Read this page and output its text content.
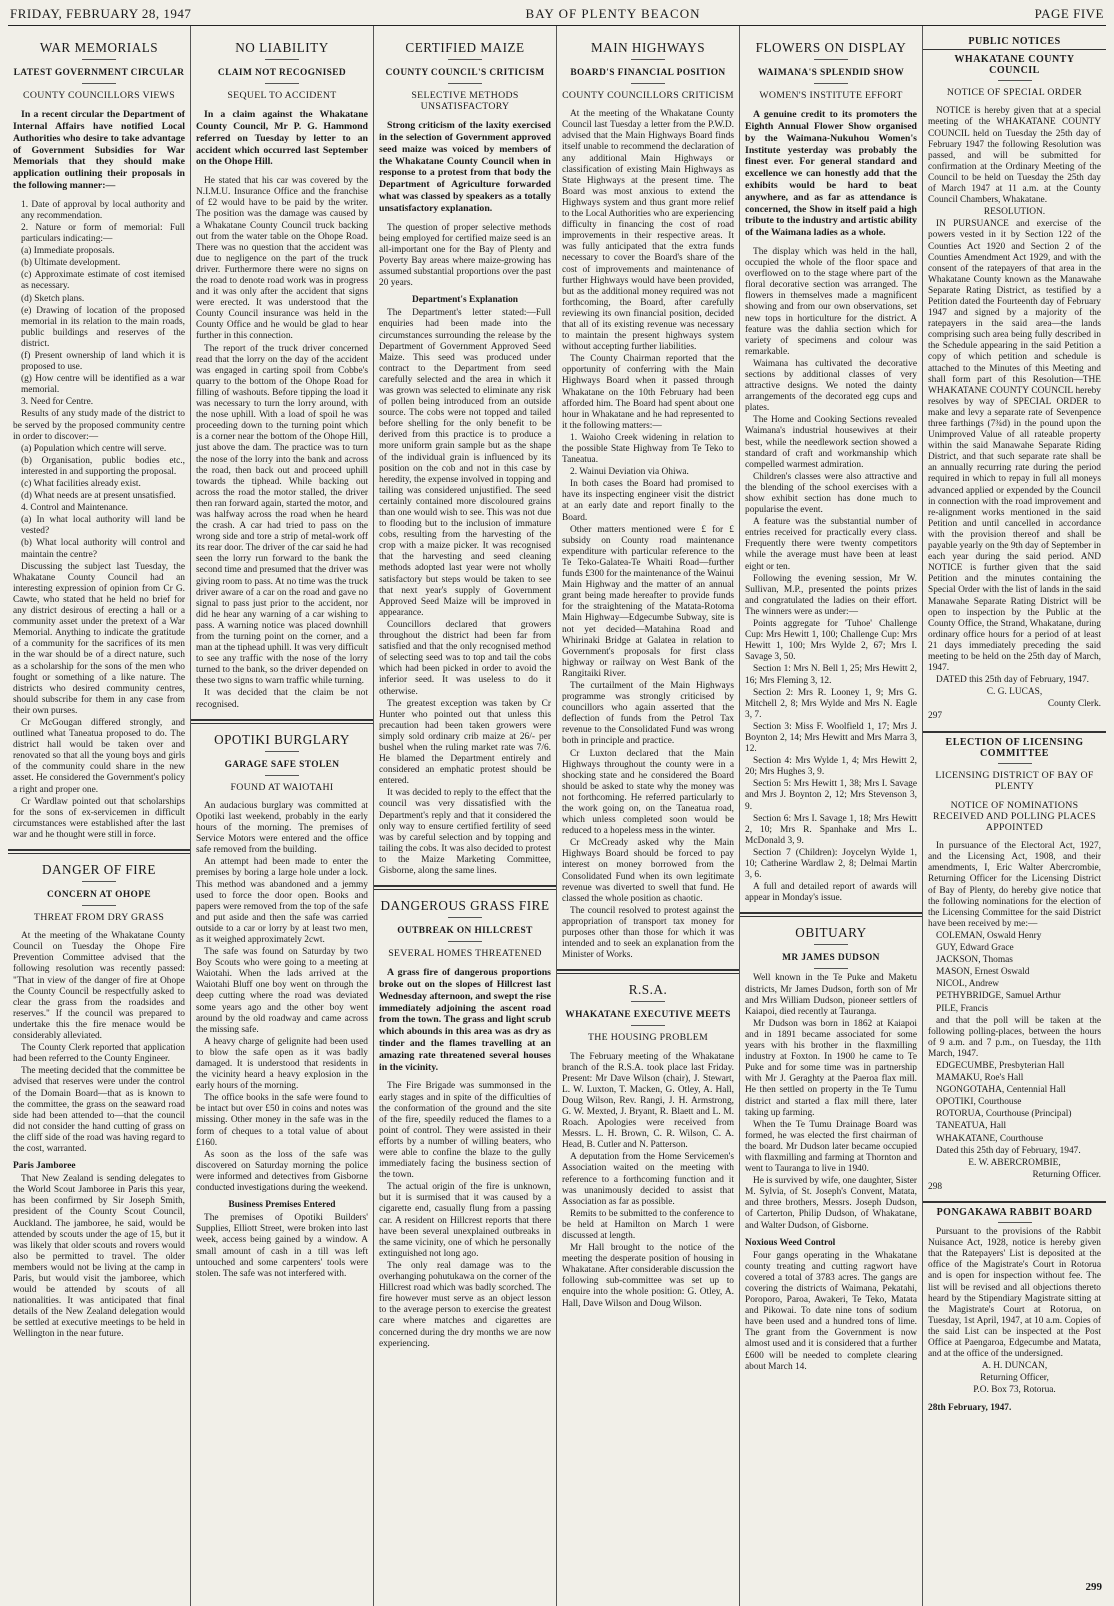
FRIDAY, FEBRUARY 28, 1947	BAY OF PLENTY BEACON	PAGE FIVE
WAR MEMORIALS
LATEST GOVERNMENT CIRCULAR
COUNTY COUNCILLORS VIEWS

In a recent circular the Department of Internal Affairs have notified Local Authorities who desire to take advantage of Government Subsidies for War Memorials that they should make application outlining their proposals in the following manner:—

1. Date of approval by local authority and any recommendation.

2. Nature or form of memorial: Full particulars indicating:—

(a) Immediate proposals.

(b) Ultimate development.

(c) Approximate estimate of cost itemised as necessary.

(d) Sketch plans.

(e) Drawing of location of the proposed memorial in its relation to the main roads, public buildings and reserves of the district.

(f) Present ownership of land which it is proposed to use.

(g) How centre will be identified as a war memorial.

3. Need for Centre.

Results of any study made of the district to be served by the proposed community centre in order to discover:—

(a) Population which centre will serve.

(b) Organisation, public bodies etc., interested in and supporting the proposal.

(c) What facilities already exist.

(d) What needs are at present unsatisfied.

4. Control and Maintenance.

(a) In what local authority will land be vested?

(b) What local authority will control and maintain the centre?

Discussing the subject last Tuesday, the Whakatane County Council had an interesting expression of opinion from Cr G. Cawte, who stated that he held no brief for any district desirous of erecting a hall or a community asset under the pretext of a War Memorial. Anything to indicate the gratitude of a community for the sacrifices of its men in the war should be of a direct nature, such as a scholarship for the sons of the men who fought or something of a like nature. The districts who desired community centres, should subscribe for them in any case from their own purses.

Cr McGougan differed strongly, and outlined what Taneatua proposed to do. The district hall would be taken over and renovated so that all the young boys and girls of the community could share in the new asset. He considered the Government's policy a right and proper one.

Cr Wardlaw pointed out that scholarships for the sons of ex-servicemen in difficult circumstances were established after the last war and he thought were still in force.

DANGER OF FIRE
CONCERN AT OHOPE
THREAT FROM DRY GRASS

At the meeting of the Whakatane County Council on Tuesday the Ohope Fire Prevention Committee advised that the following resolution was recently passed: "That in view of the danger of fire at Ohope the County Council be respectfully asked to clear the grass from the roadsides and reserves." If the council was prepared to undertake this the fire menace would be considerably alleviated.

The County Clerk reported that application had been referred to the County Engineer.

The meeting decided that the committee be advised that reserves were under the control of the Domain Board—that as is known to the committee, the grass on the seaward road side had been attended to—that the council did not consider the hand cutting of grass on the cliff side of the road was having regard to the cost, warranted.

Paris Jamboree

That New Zealand is sending delegates to the World Scout Jamboree in Paris this year, has been confirmed by Sir Joseph Smith, president of the County Scout Council, Auckland. The jamboree, he said, would be attended by scouts under the age of 15, but it was likely that older scouts and rovers would also be permitted to travel. The older members would not be living at the camp in Paris, but would visit the jamboree, which would be attended by scouts of all nationalities. It was anticipated that final details of the New Zealand delegation would be settled at executive meetings to be held in Wellington in the near future.

NO LIABILITY
CLAIM NOT RECOGNISED
SEQUEL TO ACCIDENT

In a claim against the Whakatane County Council, Mr P. G. Hammond referred on Tuesday by letter to an accident which occurred last September on the Ohope Hill.

He stated that his car was covered by the N.I.M.U. Insurance Office and the franchise of £2 would have to be paid by the writer. The position was the damage was caused by a Whakatane County Council truck backing out from the water table on the Ohope Road. There was no question that the accident was due to negligence on the part of the truck driver. Furthermore there were no signs on the road to denote road work was in progress and it was only after the accident that signs were erected. It was understood that the County Council insurance was held in the County Office and he would be glad to hear further in this connection.

The report of the truck driver concerned read that the lorry on the day of the accident was engaged in carting spoil from Cobbe's quarry to the bottom of the Ohope Road for filling of washouts. Before tipping the load it was necessary to turn the lorry around, with the nose uphill. With a load of spoil he was proceeding down to the turning point which is a corner near the bottom of the Ohope Hill, just above the dam. The practice was to turn the nose of the lorry into the bank and across the road, then back out and proceed uphill towards the tiphead. While backing out across the road the motor stalled, the driver then ran forward again, started the motor, and was halfway across the road when he heard the crash. A car had tried to pass on the wrong side and tore a strip of metal-work off its rear door. The driver of the car said he had seen the lorry run forward to the bank the second time and presumed that the driver was giving room to pass. At no time was the truck driver aware of a car on the road and gave no signal to pass just prior to the accident, nor did he hear any warning of a car wishing to pass. A warning notice was placed downhill from the turning point on the corner, and a man at the tiphead uphill. It was very difficult to see any traffic with the nose of the lorry turned to the bank, so the driver depended on these two signs to warn traffic while turning.

It was decided that the claim be not recognised.

OPOTIKI BURGLARY
GARAGE SAFE STOLEN
FOUND AT WAIOTAHI

An audacious burglary was committed at Opotiki last weekend, probably in the early hours of the morning. The premises of Service Motors were entered and the office safe removed from the building.

An attempt had been made to enter the premises by boring a large hole under a lock. This method was abandoned and a jemmy used to force the door open. Books and papers were removed from the top of the safe and put aside and then the safe was carried outside to a car or lorry by at least two men, as it weighed approximately 2cwt.

The safe was found on Saturday by two Boy Scouts who were going to a meeting at Waiotahi. When the lads arrived at the Waiotahi Bluff one boy went on through the deep cutting where the road was deviated some years ago and the other boy went around by the old roadway and came across the missing safe.

A heavy charge of gelignite had been used to blow the safe open as it was badly damaged. It is understood that residents in the vicinity heard a heavy explosion in the early hours of the morning.

The office books in the safe were found to be intact but over £50 in coins and notes was missing. Other money in the safe was in the form of cheques to a total value of about £160.

As soon as the loss of the safe was discovered on Saturday morning the police were informed and detectives from Gisborne conducted investigations during the weekend.

Business Premises Entered

The premises of Opotiki Builders' Supplies, Elliott Street, were broken into last week, access being gained by a window. A small amount of cash in a till was left untouched and some carpenters' tools were stolen. The safe was not interfered with.

CERTIFIED MAIZE
COUNTY COUNCIL'S CRITICISM
SELECTIVE METHODS UNSATISFACTORY

Strong criticism of the laxity exercised in the selection of Government approved seed maize was voiced by members of the Whakatane County Council when in response to a protest from that body the Department of Agriculture forwarded what was classed by speakers as a totally unsatisfactory explanation.

The question of proper selective methods being employed for certified maize seed is an all-important one for the Bay of Plenty and Poverty Bay areas where maize-growing has assumed substantial proportions over the past 20 years.

Department's Explanation

The Department's letter stated:—Full enquiries had been made into the circumstances surrounding the release by the Department of Government Approved Seed Maize. This seed was produced under contract to the Department from seed carefully selected and the area in which it was grown was selected to eliminate any risk of pollen being introduced from an outside source. The cobs were not topped and tailed before shelling for the only benefit to be derived from this practice is to produce a more uniform grain sample but as the shape of the individual grain is influenced by its position on the cob and not in this case by heredity, the expense involved in topping and tailing was considered unjustified. The seed certainly contained more discoloured grains than one would wish to see. This was not due to flooding but to the inclusion of immature cobs, resulting from the harvesting of the crop with a maize picker. It was recognised that the harvesting and seed cleaning methods adopted last year were not wholly satisfactory but steps would be taken to see that next year's supply of Government Approved Seed Maize will be improved in appearance.

Councillors declared that growers throughout the district had been far from satisfied and that the only recognised method of selecting seed was to top and tail the cobs which had been picked in order to avoid the inferior seed. It was useless to do it otherwise.

The greatest exception was taken by Cr Hunter who pointed out that unless this precaution had been taken growers were simply sold ordinary crib maize at 26/- per bushel when the ruling market rate was 7/6. He blamed the Department entirely and considered an emphatic protest should be entered.

It was decided to reply to the effect that the council was very dissatisfied with the Department's reply and that it considered the only way to ensure certified fertility of seed was by careful selection and by topping and tailing the cobs. It was also decided to protest to the Maize Marketing Committee, Gisborne, along the same lines.

DANGEROUS GRASS FIRE
OUTBREAK ON HILLCREST
SEVERAL HOMES THREATENED

A grass fire of dangerous proportions broke out on the slopes of Hillcrest last Wednesday afternoon, and swept the rise immediately adjoining the ascent road from the town. The grass and light scrub which abounds in this area was as dry as tinder and the flames travelling at an amazing rate threatened several houses in the vicinity.

The Fire Brigade was summonsed in the early stages and in spite of the difficulties of the conformation of the ground and the site of the fire, speedily reduced the flames to a point of control. They were assisted in their efforts by a number of willing beaters, who were able to confine the blaze to the gully immediately facing the business section of the town.

The actual origin of the fire is unknown, but it is surmised that it was caused by a cigarette end, casually flung from a passing car. A resident on Hillcrest reports that there have been several unexplained outbreaks in the same vicinity, one of which he personally extinguished not long ago.

The only real damage was to the overhanging pohutukawa on the corner of the Hillcrest road which was badly scorched. The fire however must serve as an object lesson to the average person to exercise the greatest care where matches and cigarettes are concerned during the dry months we are now experiencing.

MAIN HIGHWAYS
BOARD'S FINANCIAL POSITION
COUNTY COUNCILLORS CRITICISM

At the meeting of the Whakatane County Council last Tuesday a letter from the P.W.D. advised that the Main Highways Board finds itself unable to recommend the declaration of any additional Main Highways or classification of existing Main Highways as State Highways at the present time. The Board was most anxious to extend the Highways system and thus grant more relief to the Local Authorities who are experiencing difficulty in financing the cost of road improvements in their respective areas. It was fully anticipated that the extra funds necessary to cover the Board's share of the cost of improvements and maintenance of further Highways would have been provided, but as the additional money required was not forthcoming, the Board, after carefully reviewing its own financial position, decided that all of its existing revenue was necessary to maintain the present highways system without accepting further liabilities.

The County Chairman reported that the opportunity of conferring with the Main Highways Board when it passed through Whakatane on the 10th February had been afforded him. The Board had spent about one hour in Whakatane and he had represented to it the following matters:—

1. Waioho Creek widening in relation to the possible State Highway from Te Teko to Taneatua.

2. Wainui Deviation via Ohiwa.

In both cases the Board had promised to have its inspecting engineer visit the district at an early date and report finally to the Board.

Other matters mentioned were £ for £ subsidy on County road maintenance expenditure with particular reference to the Te Teko-Galatea-Te Whaiti Road—further funds £300 for the maintenance of the Wainui Main Highway and the matter of an annual grant being made hereafter to provide funds for the straightening of the Matata-Rotoma Main Highway—Edgecumbe Subway, site is not yet decided—Matahina Road and Whirinaki Bridge at Galatea in relation to Government's proposals for first class highway or railway on West Bank of the Rangitaiki River.

The curtailment of the Main Highways programme was strongly criticised by councillors who again asserted that the deflection of funds from the Petrol Tax revenue to the Consolidated Fund was wrong both in principle and practice.

Cr Luxton declared that the Main Highways throughout the county were in a shocking state and he considered the Board should be asked to state why the money was not forthcoming. He referred particularly to the work going on, on the Taneatua road, which unless completed soon would be reduced to a hopeless mess in the winter.

Cr McCready asked why the Main Highways Board should be forced to pay interest on money borrowed from the Consolidated Fund when its own legitimate revenue was diverted to swell that fund. He classed the whole position as chaotic.

The council resolved to protest against the appropriation of transport tax money for purposes other than those for which it was intended and to seek an explanation from the Minister of Works.

R.S.A.
WHAKATANE EXECUTIVE MEETS
THE HOUSING PROBLEM

The February meeting of the Whakatane branch of the R.S.A. took place last Friday. Present: Mr Dave Wilson (chair), J. Stewart, L. W. Luxton, T. Macken, G. Otley, A. Hall, Doug Wilson, Rev. Rangi, J. H. Armstrong, G. W. Mexted, J. Bryant, R. Blaett and L. M. Roach. Apologies were received from Messrs. L. H. Brown, C. R. Wilson, C. A. Head, B. Cutler and N. Patterson.

A deputation from the Home Servicemen's Association waited on the meeting with reference to a forthcoming function and it was unanimously decided to assist that Association as far as possible.

Remits to be submitted to the conference to be held at Hamilton on March 1 were discussed at length.

Mr Hall brought to the notice of the meeting the desperate position of housing in Whakatane. After considerable discussion the following sub-committee was set up to enquire into the whole position: G. Otley, A. Hall, Dave Wilson and Doug Wilson.

FLOWERS ON DISPLAY
WAIMANA'S SPLENDID SHOW
WOMEN'S INSTITUTE EFFORT

A genuine credit to its promoters the Eighth Annual Flower Show organised by the Waimana-Nukuhou Women's Institute yesterday was probably the finest ever. For general standard and excellence we can honestly add that the exhibits would be hard to beat anywhere, and as far as attendance is concerned, the Show in itself paid a high tribute to the industry and artistic ability of the Waimana ladies as a whole.

The display which was held in the hall, occupied the whole of the floor space and overflowed on to the stage where part of the floral decorative section was arranged. The flowers in themselves made a magnificent showing and from our own observations, set new tops in horticulture for the district. A feature was the dahlia section which for variety of specimens and colour was remarkable.

Waimana has cultivated the decorative sections by additional classes of very attractive designs. We noted the dainty arrangements of the decorated egg cups and plates.

The Home and Cooking Sections revealed Waimana's industrial housewives at their best, while the needlework section showed a standard of craft and workmanship which compelled warmest admiration.

Children's classes were also attractive and the blending of the school exercises with a show exhibit section has done much to popularise the event.

A feature was the substantial number of entries received for practically every class. Frequently there were twenty competitors while the average must have been at least eight or ten.

Following the evening session, Mr W. Sullivan, M.P., presented the points prizes and congratulated the ladies on their effort. The winners were as under:—

Points aggregate for 'Tuhoe' Challenge Cup: Mrs Hewitt 1, 100; Challenge Cup: Mrs Hewitt 1, 100; Mrs Wylde 2, 67; Mrs I. Savage 3, 50.

Section 1: Mrs N. Bell 1, 25; Mrs Hewitt 2, 16; Mrs Fleming 3, 12.

Section 2: Mrs R. Looney 1, 9; Mrs G. Mitchell 2, 8; Mrs Wylde and Mrs N. Eagle 3, 7.

Section 3: Miss F. Woolfield 1, 17; Mrs J. Boynton 2, 14; Mrs Hewitt and Mrs Marra 3, 12.

Section 4: Mrs Wylde 1, 4; Mrs Hewitt 2, 20; Mrs Hughes 3, 9.

Section 5: Mrs Hewitt 1, 38; Mrs I. Savage and Mrs J. Boynton 2, 12; Mrs Stevenson 3, 9.

Section 6: Mrs I. Savage 1, 18; Mrs Hewitt 2, 10; Mrs R. Spanhake and Mrs L. McDonald 3, 9.

Section 7 (Children): Joycelyn Wylde 1, 10; Catherine Wardlaw 2, 8; Delmai Martin 3, 6.

A full and detailed report of awards will appear in Monday's issue.

OBITUARY
MR JAMES DUDSON

Well known in the Te Puke and Maketu districts, Mr James Dudson, forth son of Mr and Mrs William Dudson, pioneer settlers of Kaiapoi, died recently at Tauranga.

Mr Dudson was born in 1862 at Kaiapoi and in 1891 became associated for some years with his brother in the flaxmilling industry at Foxton. In 1900 he came to Te Puke and for some time was in partnership with Mr J. Geraghty at the Paeroa flax mill. He then settled on property in the Te Tumu district and started a flax mill there, later taking up farming.

When the Te Tumu Drainage Board was formed, he was elected the first chairman of the board. Mr Dudson later became occupied with flaxmilling and farming at Thornton and went to Tauranga to live in 1940.

He is survived by wife, one daughter, Sister M. Sylvia, of St. Joseph's Convent, Matata, and three brothers, Messrs. Joseph Dudson, of Carterton, Philip Dudson, of Whakatane, and Walter Dudson, of Gisborne.

Noxious Weed Control

Four gangs operating in the Whakatane county treating and cutting ragwort have covered a total of 3783 acres. The gangs are covering the districts of Waimana, Pekatahi, Poroporo, Paroa, Awakeri, Te Teko, Matata and Pikowai. To date nine tons of sodium have been used and a hundred tons of lime. The grant from the Government is now almost used and it is considered that a further £600 will be needed to complete clearing about March 14.

PUBLIC NOTICES
WHAKATANE COUNTY COUNCIL
NOTICE OF SPECIAL ORDER

NOTICE is hereby given that at a special meeting of the WHAKATANE COUNTY COUNCIL held on Tuesday the 25th day of February 1947 the following Resolution was passed, and will be submitted for confirmation at the Ordinary Meeting of the Council to be held on Tuesday the 25th day of March 1947 at 11 a.m. at the County Council Chambers, Whakatane.

RESOLUTION.

IN PURSUANCE and exercise of the powers vested in it by Section 122 of the Counties Act 1920 and Section 2 of the Counties Amendment Act 1929, and with the consent of the ratepayers of that area in the Whakatane County known as the Manawahe Separate Rating District, as testified by a Petition dated the Fourteenth day of February 1947 and signed by a majority of the ratepayers in the said area—the lands comprising such area being fully described in the Schedule appearing in the said Petition a copy of which petition and schedule is attached to the Minutes of this Meeting and shall form part of this Resolution—THE WHAKATANE COUNTY COUNCIL hereby resolves by way of SPECIAL ORDER to make and levy a separate rate of Sevenpence three farthings (7¾d) in the pound upon the Unimproved Value of all rateable property within the said Manawahe Separate Riding District, and that such separate rate shall be an annually recurring rate during the period required in which to repay in full all moneys advanced applied or expended by the Council in connection with the road improvement and re-alignment works mentioned in the said Petition and until cancelled in accordance with the provision thereof and shall be payable yearly on the 9th day of September in each year during the said period. AND NOTICE is further given that the said Petition and the minutes containing the Special Order with the list of lands in the said Manawahe Separate Rating District will be open to inspection by the Public at the County Office, the Strand, Whakatane, during ordinary office hours for a period of at least 21 days immediately preceding the said meeting to be held on the 25th day of March, 1947.

DATED this 25th day of February, 1947.

C. G. LUCAS,

County Clerk.

297

ELECTION OF LICENSING COMMITTEE
LICENSING DISTRICT OF BAY OF PLENTY
NOTICE OF NOMINATIONS RECEIVED AND POLLING PLACES APPOINTED

In pursuance of the Electoral Act, 1927, and the Licensing Act, 1908, and their amendments, I, Eric Walter Abercrombie, Returning Officer for the Licensing District of Bay of Plenty, do hereby give notice that the following nominations for the election of the Licensing Committee for the said District have been received by me:—

COLEMAN, Oswald Henry

GUY, Edward Grace

JACKSON, Thomas

MASON, Ernest Oswald

NICOL, Andrew

PETHYBRIDGE, Samuel Arthur

PILE, Francis

and that the poll will be taken at the following polling-places, between the hours of 9 a.m. and 7 p.m., on Tuesday, the 11th March, 1947.

EDGECUMBE, Presbyterian Hall

MAMAKU, Roe's Hall

NGONGOTAHA, Centennial Hall

OPOTIKI, Courthouse

ROTORUA, Courthouse (Principal)

TANEATUA, Hall

WHAKATANE, Courthouse

Dated this 25th day of February, 1947.

E. W. ABERCROMBIE,

Returning Officer.

298

PONGAKAWA RABBIT BOARD

Pursuant to the provisions of the Rabbit Nuisance Act, 1928, notice is hereby given that the Ratepayers' List is deposited at the office of the Magistrate's Court in Rotorua and is open for inspection without fee. The list will be revised and all objections thereto heard by the Stipendiary Magistrate sitting at the Magistrate's Court at Rotorua, on Tuesday, 1st April, 1947, at 10 a.m. Copies of the said List can be inspected at the Post Office at Paengaroa, Edgecumbe and Matata, and at the office of the undersigned.

A. H. DUNCAN,

Returning Officer,

P.O. Box 73, Rotorua.

28th February, 1947.

299
